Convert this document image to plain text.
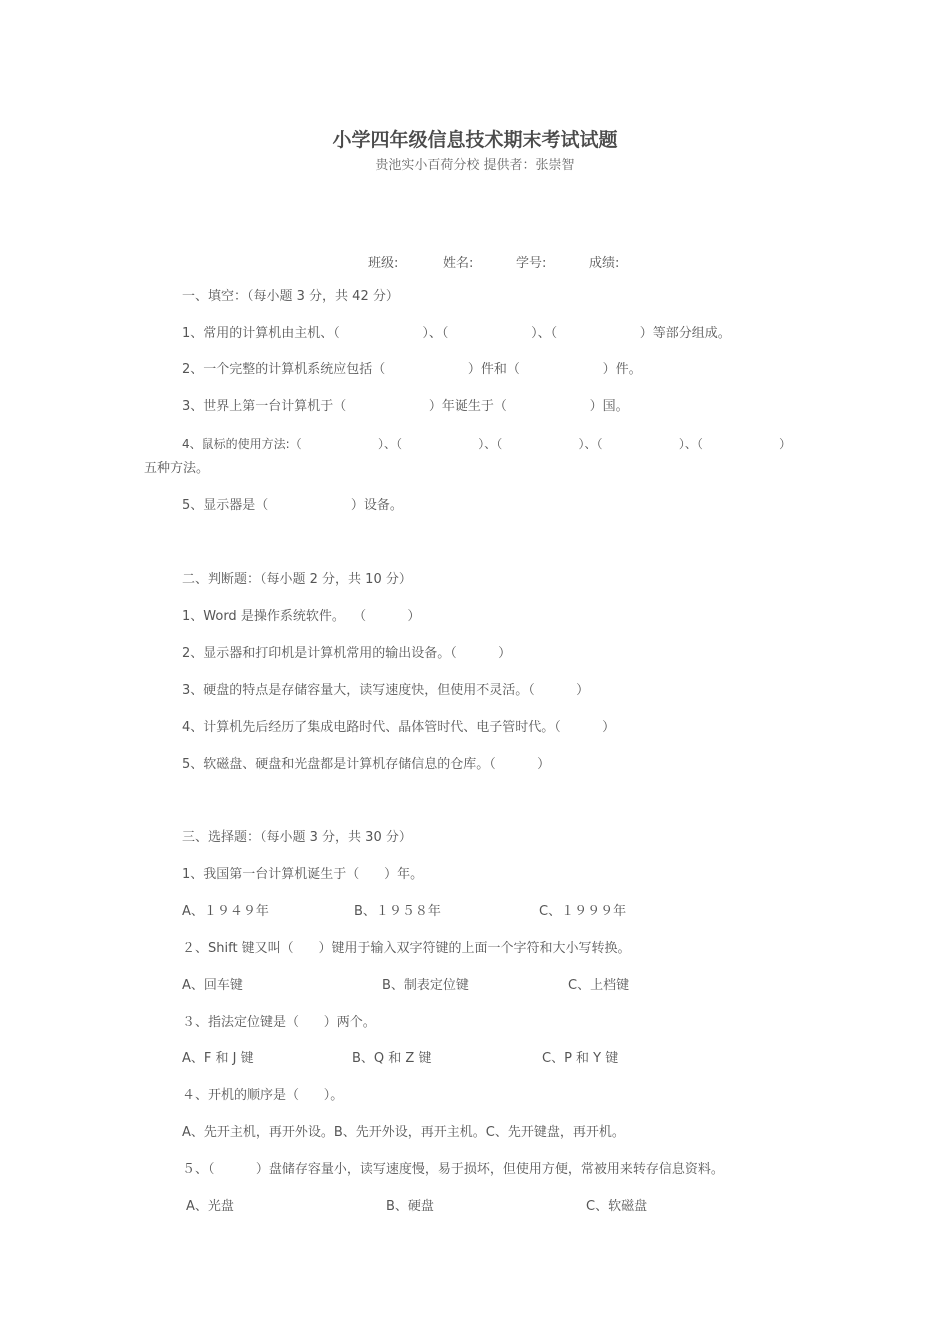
小学四年级信息技术期末考试试题
贵池实小百荷分校 提供者：张崇智
班级:	姓名:	学号:	成绩:
一、填空：（每小题 3 分，共 42 分）
1、常用的计算机由主机、（                    ）、（                    ）、（                    ）等部分组成。
2、一个完整的计算机系统应包括（                    ）件和（                    ）件。
3、世界上第一台计算机于（                    ）年诞生于（                    ）国。
4、鼠标的使用方法:（                    ）、（                    ）、（                    ）、（                    ）、（                    ）
五种方法。
5、显示器是（                    ）设备。
二、判断题：（每小题 2 分，共 10 分）
1、Word 是操作系统软件。  （          ）
2、显示器和打印机是计算机常用的输出设备。（          ）
3、硬盘的特点是存储容量大，读写速度快，但使用不灵活。（          ）
4、计算机先后经历了集成电路时代、晶体管时代、电子管时代。（          ）
5、软磁盘、硬盘和光盘都是计算机存储信息的仓库。（          ）
三、选择题：（每小题 3 分，共 30 分）
1、我国第一台计算机诞生于（      ）年。
A、１９４９年	B、１９５８年	C、１９９９年
２、Shift 键又叫（      ）键用于输入双字符键的上面一个字符和大小写转换。
A、回车键	B、制表定位键	C、上档键
３、指法定位键是（      ）两个。
A、F 和 J 键	B、Q 和 Z 键	C、P 和 Y 键
４、开机的顺序是（      ）。
A、先开主机，再开外设。B、先开外设，再开主机。C、先开键盘，再开机。
５、（          ）盘储存容量小，读写速度慢，易于损坏，但使用方便，常被用来转存信息资料。
A、光盘	B、硬盘	C、软磁盘
